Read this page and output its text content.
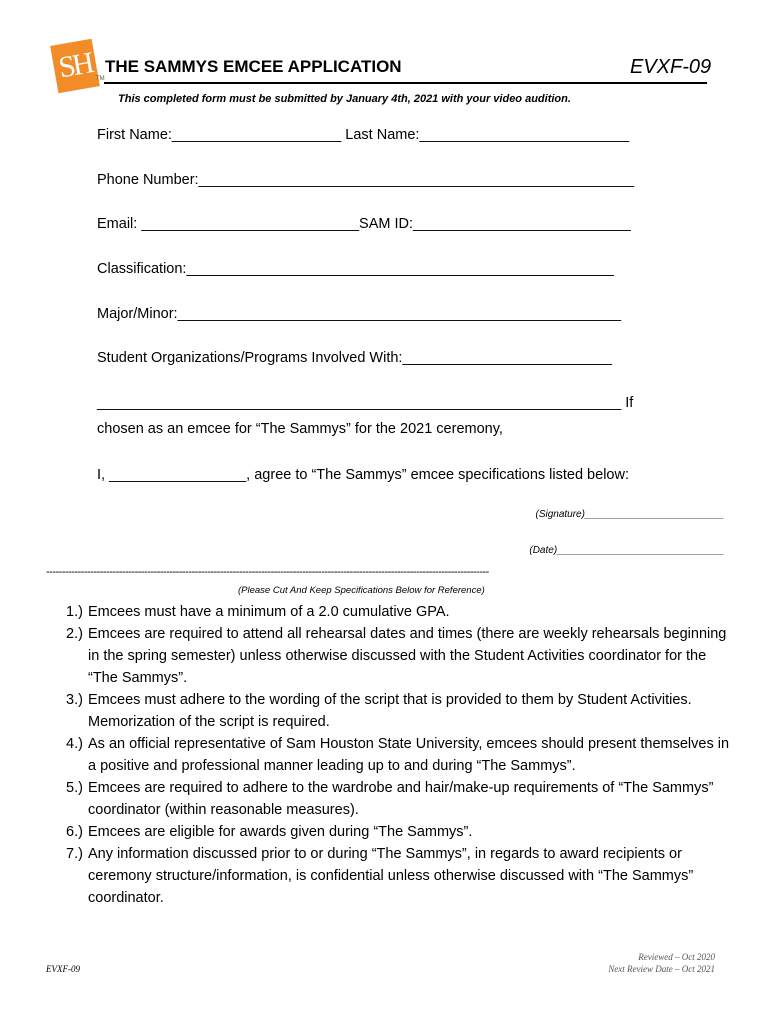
SH TM
THE SAMMYS EMCEE APPLICATION	EVXF-09
This completed form must be submitted by January 4th, 2021 with your video audition.
First Name:_____________________ Last Name:__________________________
Phone Number:______________________________________________________
Email: ___________________________SAM ID:___________________________
Classification:_____________________________________________________
Major/Minor:_______________________________________________________
Student Organizations/Programs Involved With:__________________________
_________________________________________________________________ If
chosen as an emcee for “The Sammys” for the 2021 ceremony,
I, _________________, agree to “The Sammys” emcee specifications listed below:
(Signature)_________________________
(Date)______________________________
--------------------------------------------------------------------------------------------------------------------------------------------
(Please Cut And Keep Specifications Below for Reference)
1.) Emcees must have a minimum of a 2.0 cumulative GPA.
2.) Emcees are required to attend all rehearsal dates and times (there are weekly rehearsals beginning in the spring semester) unless otherwise discussed with the Student Activities coordinator for the “The Sammys”.
3.) Emcees must adhere to the wording of the script that is provided to them by Student Activities. Memorization of the script is required.
4.) As an official representative of Sam Houston State University, emcees should present themselves in a positive and professional manner leading up to and during “The Sammys”.
5.) Emcees are required to adhere to the wardrobe and hair/make-up requirements of “The Sammys” coordinator (within reasonable measures).
6.) Emcees are eligible for awards given during “The Sammys”.
7.) Any information discussed prior to or during “The Sammys”, in regards to award recipients or ceremony structure/information, is confidential unless otherwise discussed with “The Sammys” coordinator.
EVXF-09
Reviewed – Oct 2020
Next Review Date – Oct 2021
